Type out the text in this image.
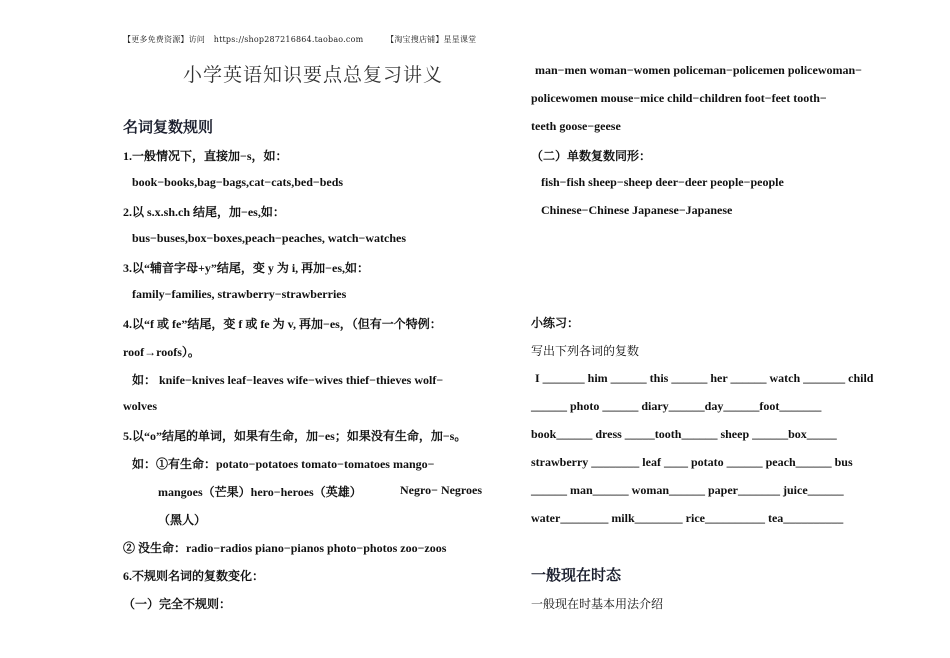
【更多免费资源】访问 https://shop287216864.taobao.com	【淘宝搜店铺】星星课堂
小学英语知识要点总复习讲义
名词复数规则
1.一般情况下，直接加−s，如：
book−books,bag−bags,cat−cats,bed−beds
2.以 s.x.sh.ch 结尾，加−es,如：
bus−buses,box−boxes,peach−peaches, watch−watches
3.以“辅音字母+y”结尾，变 y 为 i, 再加−es,如：
family−families, strawberry−strawberries
4.以“f 或 fe”结尾，变 f 或 fe 为 v, 再加−es，（但有一个特例：
roof→roofs）。
如： knife−knives leaf−leaves wife−wives thief−thieves wolf−
wolves
5.以“o”结尾的单词，如果有生命，加−es；如果没有生命，加−s。
如：①有生命：potato−potatoes tomato−tomatoes mango−
mangoes（芒果）hero−heroes（英雄）	Negro− Negroes
（黑人）
② 没生命：radio−radios piano−pianos photo−photos zoo−zoos
6.不规则名词的复数变化：
（一）完全不规则：
man−men woman−women policeman−policemen policewoman−
policewomen mouse−mice child−children foot−feet tooth−
teeth goose−geese
（二）单数复数同形：
fish−fish sheep−sheep deer−deer people−people
Chinese−Chinese Japanese−Japanese
小练习：
写出下列各词的复数
I _______ him ______ this ______ her ______ watch _______ child
______ photo ______ diary______day______foot_______
book______ dress _____tooth______ sheep ______box_____
strawberry ________ leaf ____ potato ______ peach______ bus
______ man______ woman______ paper_______ juice______
water________ milk________ rice__________ tea__________
一般现在时态
一般现在时基本用法介绍
